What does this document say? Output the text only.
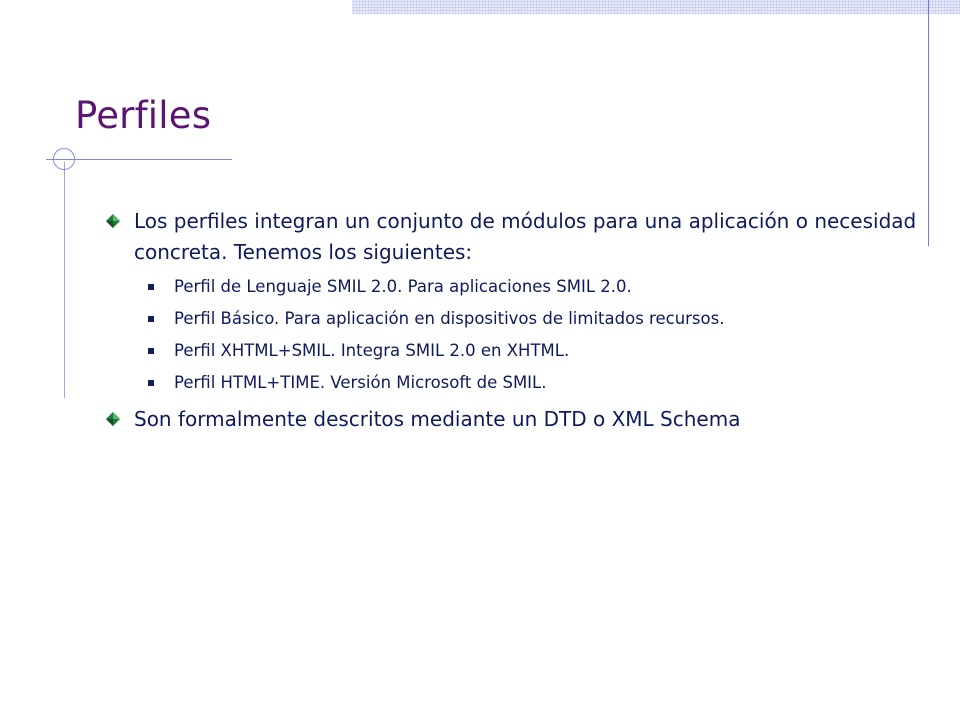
Perfiles

Los perfiles integran un conjunto de módulos para una aplicación o necesidad concreta. Tenemos los siguientes:

Perfil de Lenguaje SMIL 2.0. Para aplicaciones SMIL 2.0.
Perfil Básico. Para aplicación en dispositivos de limitados recursos.
Perfil XHTML+SMIL. Integra SMIL 2.0 en XHTML.
Perfil HTML+TIME. Versión Microsoft de SMIL.

Son formalmente descritos mediante un DTD o XML Schema
